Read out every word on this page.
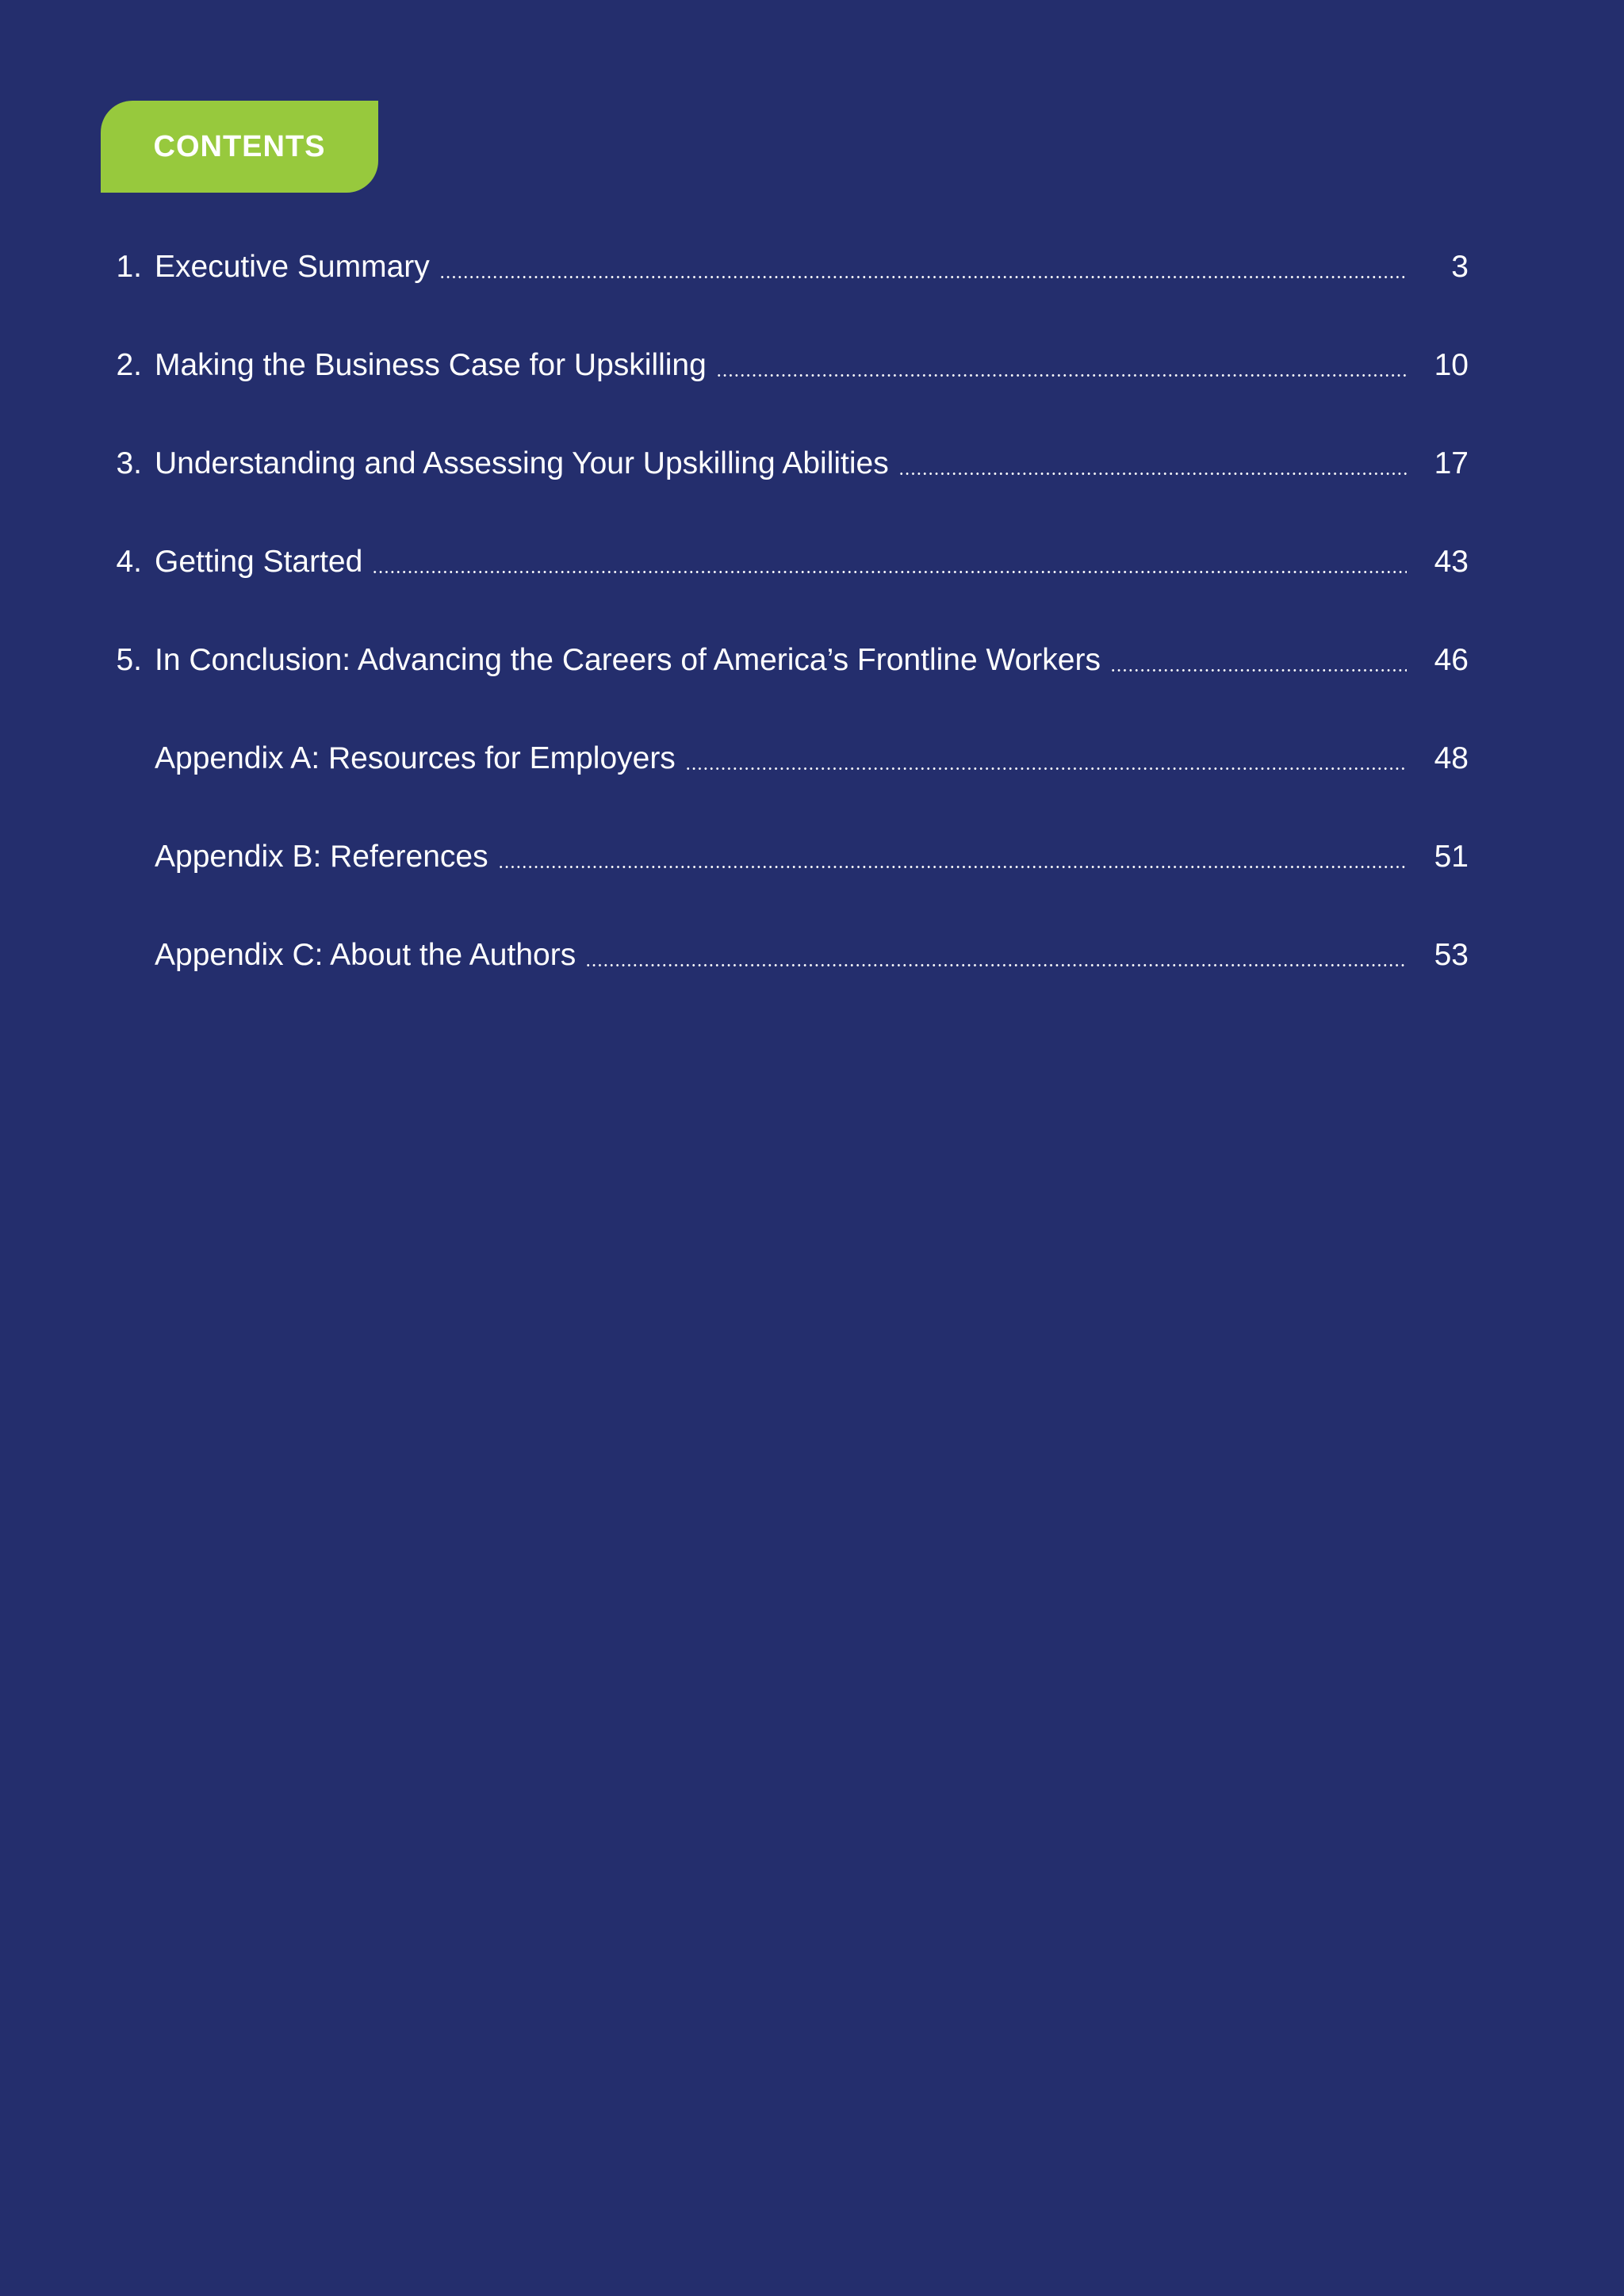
CONTENTS
1. Executive Summary	3
2. Making the Business Case for Upskilling	10
3. Understanding and Assessing Your Upskilling Abilities	17
4. Getting Started	43
5. In Conclusion: Advancing the Careers of America’s Frontline Workers	46
Appendix A: Resources for Employers	48
Appendix B: References	51
Appendix C: About the Authors	53
